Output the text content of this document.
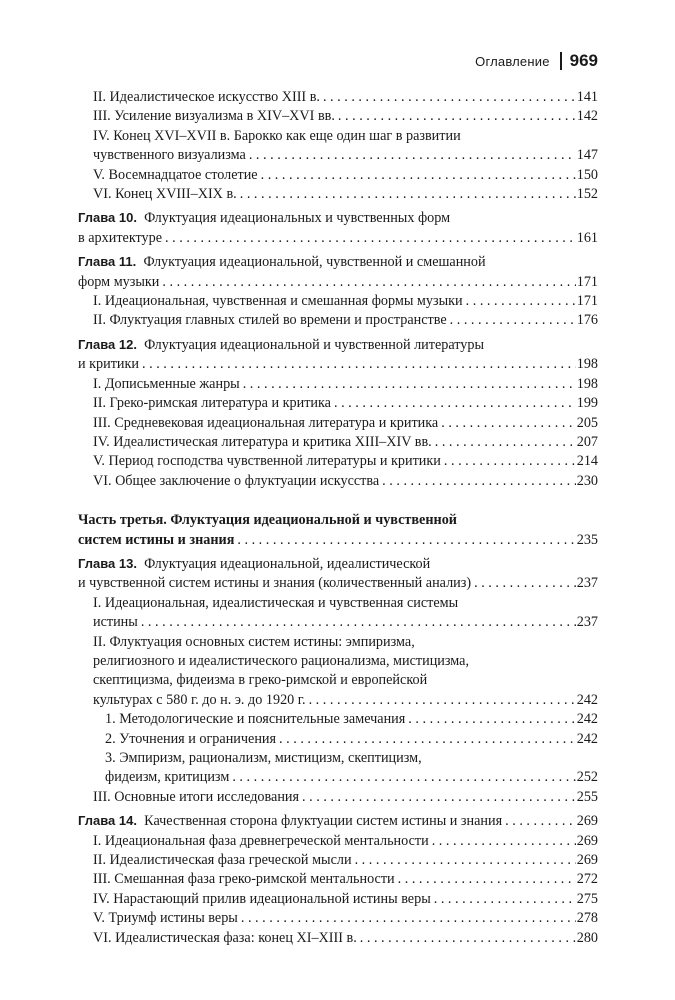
Оглавление 969
II. Идеалистическое искусство XIII в. . . .	141
III. Усиление визуализма в XIV–XVI вв. . . .	142
IV. Конец XVI–XVII в. Барокко как еще один шаг в развитии
чувственного визуализма . . .	147
V. Восемнадцатое столетие . . .	150
VI. Конец XVIII–XIX в. . . .	152
Глава 10. Флуктуация идеациональных и чувственных форм
в архитектуре . . .	161
Глава 11. Флуктуация идеациональной, чувственной и смешанной
форм музыки . . .	171
I. Идеациональная, чувственная и смешанная формы музыки . . .	171
II. Флуктуация главных стилей во времени и пространстве . . .	176
Глава 12. Флуктуация идеациональной и чувственной литературы
и критики . . .	198
I. Дописьменные жанры . . .	198
II. Греко-римская литература и критика . . .	199
III. Средневековая идеациональная литература и критика . . .	205
IV. Идеалистическая литература и критика XIII–XIV вв. . . .	207
V. Период господства чувственной литературы и критики . . .	214
VI. Общее заключение о флуктуации искусства . . .	230
Часть третья. Флуктуация идеациональной и чувственной
систем истины и знания . . .	235
Глава 13. Флуктуация идеациональной, идеалистической
и чувственной систем истины и знания (количественный анализ) . . .	237
I. Идеациональная, идеалистическая и чувственная системы
истины . . .	237
II. Флуктуация основных систем истины: эмпиризма,
религиозного и идеалистического рационализма, мистицизма,
скептицизма, фидеизма в греко-римской и европейской
культурах с 580 г. до н. э. до 1920 г. . . .	242
1. Методологические и пояснительные замечания . . .	242
2. Уточнения и ограничения . . .	242
3. Эмпиризм, рационализм, мистицизм, скептицизм,
фидеизм, критицизм . . .	252
III. Основные итоги исследования . . .	255
Глава 14. Качественная сторона флуктуации систем истины и знания . . .	269
I. Идеациональная фаза древнегреческой ментальности . . .	269
II. Идеалистическая фаза греческой мысли . . .	269
III. Смешанная фаза греко-римской ментальности . . .	272
IV. Нарастающий прилив идеациональной истины веры . . .	275
V. Триумф истины веры . . .	278
VI. Идеалистическая фаза: конец XI–XIII в. . . .	280
